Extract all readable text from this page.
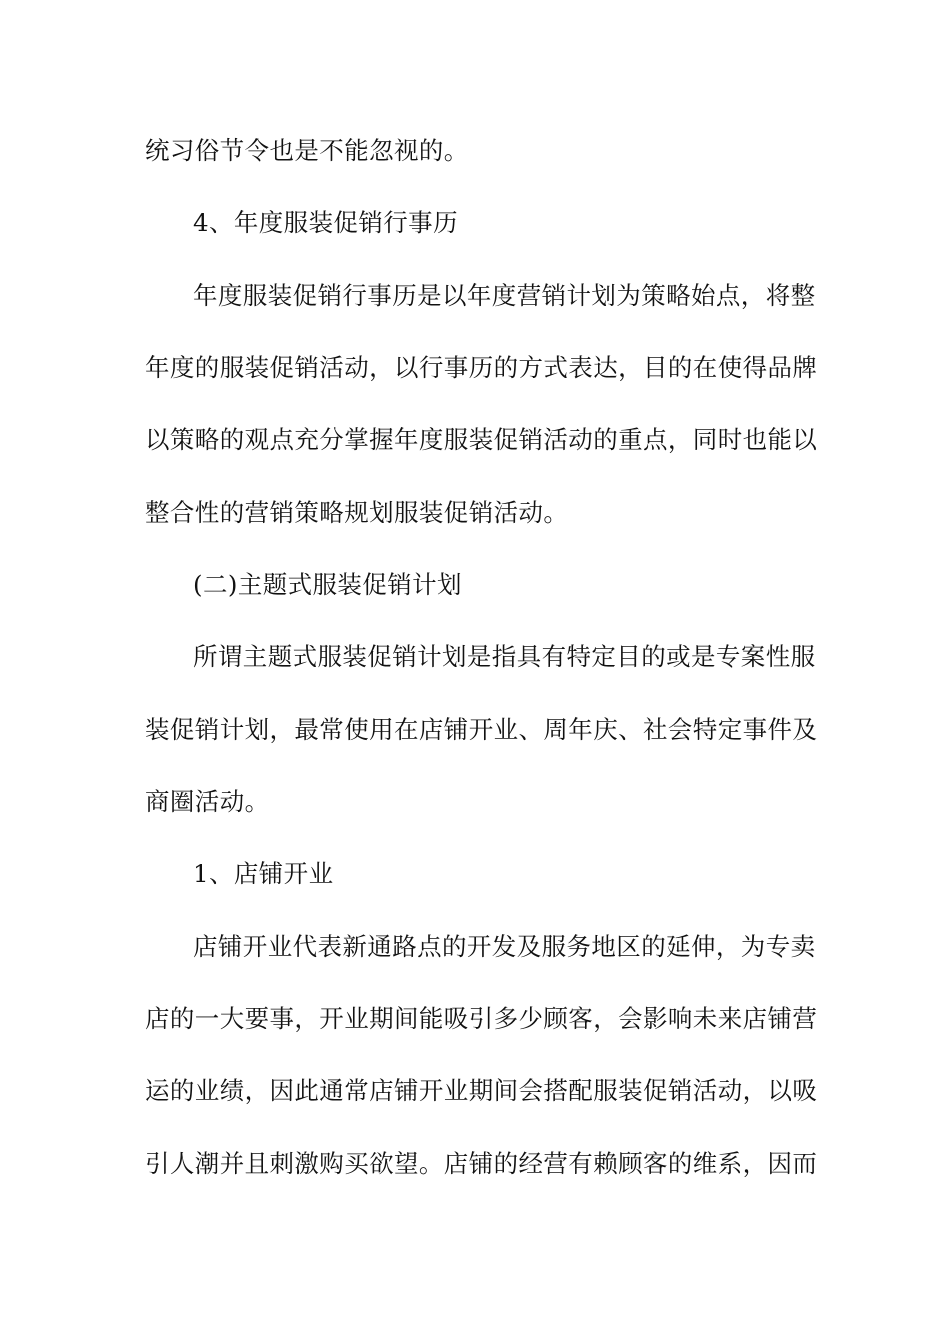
统习俗节令也是不能忽视的。
4、年度服装促销行事历
年度服装促销行事历是以年度营销计划为策略始点，将整
年度的服装促销活动，以行事历的方式表达，目的在使得品牌
以策略的观点充分掌握年度服装促销活动的重点，同时也能以
整合性的营销策略规划服装促销活动。
(二)主题式服装促销计划
所谓主题式服装促销计划是指具有特定目的或是专案性服
装促销计划，最常使用在店铺开业、周年庆、社会特定事件及
商圈活动。
1、店铺开业
店铺开业代表新通路点的开发及服务地区的延伸，为专卖
店的一大要事，开业期间能吸引多少顾客，会影响未来店铺营
运的业绩，因此通常店铺开业期间会搭配服装促销活动，以吸
引人潮并且刺激购买欲望。店铺的经营有赖顾客的维系，因而
